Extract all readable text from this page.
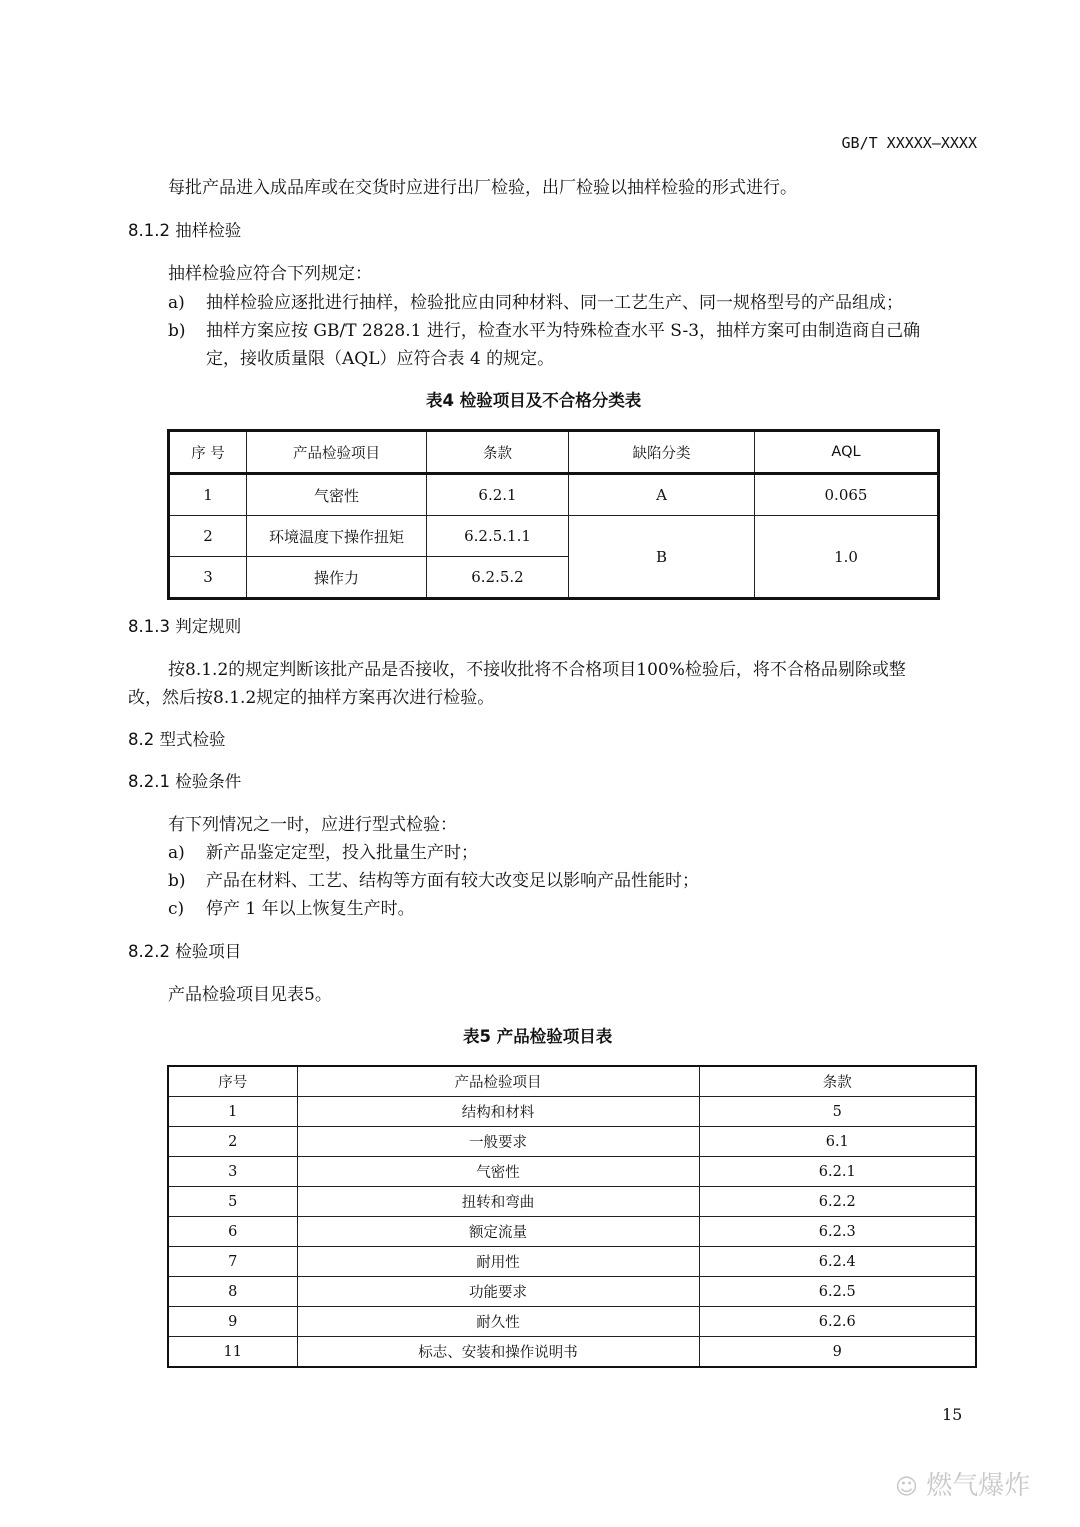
GB/T XXXXX—XXXX
每批产品进入成品库或在交货时应进行出厂检验，出厂检验以抽样检验的形式进行。
8.1.2 抽样检验
抽样检验应符合下列规定：
a) 抽样检验应逐批进行抽样，检验批应由同种材料、同一工艺生产、同一规格型号的产品组成；
b) 抽样方案应按 GB/T 2828.1 进行，检查水平为特殊检查水平 S-3，抽样方案可由制造商自己确
定，接收质量限（AQL）应符合表 4 的规定。
表4 检验项目及不合格分类表
序 号	产品检验项目	条款	缺陷分类	AQL
1	气密性	6.2.1	A	0.065
2	环境温度下操作扭矩	6.2.5.1.1	B	1.0
3	操作力	6.2.5.2		
8.1.3 判定规则
按8.1.2的规定判断该批产品是否接收，不接收批将不合格项目100%检验后，将不合格品剔除或整
改，然后按8.1.2规定的抽样方案再次进行检验。
8.2 型式检验
8.2.1 检验条件
有下列情况之一时，应进行型式检验：
a) 新产品鉴定定型，投入批量生产时；
b) 产品在材料、工艺、结构等方面有较大改变足以影响产品性能时；
c) 停产 1 年以上恢复生产时。
8.2.2 检验项目
产品检验项目见表5。
表5 产品检验项目表
序号	产品检验项目	条款
1	结构和材料	5
2	一般要求	6.1
3	气密性	6.2.1
5	扭转和弯曲	6.2.2
6	额定流量	6.2.3
7	耐用性	6.2.4
8	功能要求	6.2.5
9	耐久性	6.2.6
11	标志、安装和操作说明书	9
15
☺ 燃气爆炸
